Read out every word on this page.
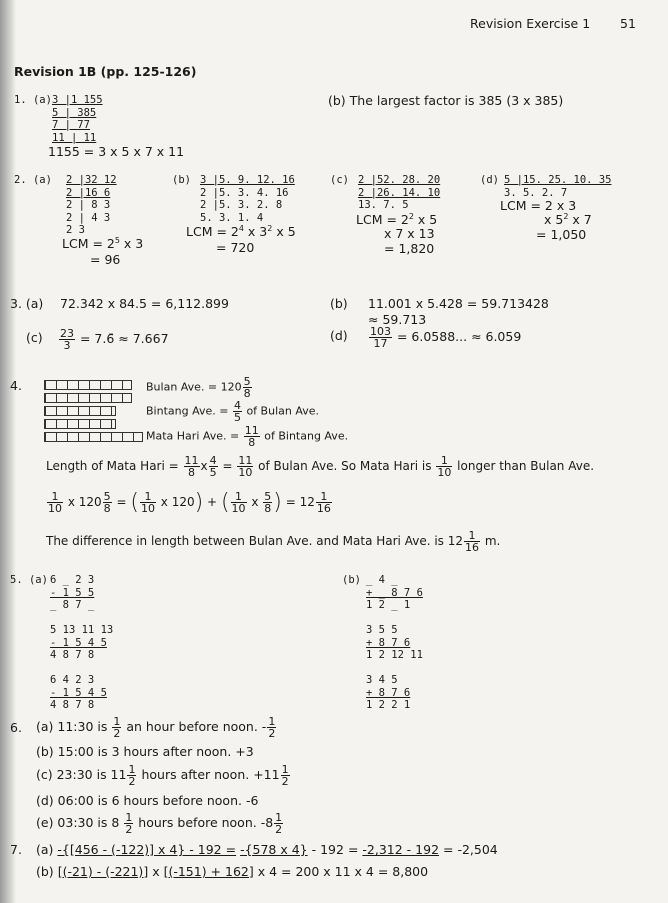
Revision Exercise 1 51
Revision 1B (pp. 125-126)
1. (a) 3 |1 155
5 | 385
7 | 77
11 | 11
1155 = 3 x 5 x 7 x 11
(b) The largest factor is 385 (3 x 385)
2. (a) 2 |32 12
2 |16 6
2 | 8 3
2 | 4 3
2 3
LCM = $2^5$ x 3
= 96
(b) 3 |5. 9. 12. 16
2 |5. 3. 4. 16
2 |5. 3. 2. 8
5. 3. 1. 4
LCM = $2^4$ x $3^2$ x 5
= 720
(c) 2 |52. 28. 20
2 |26. 14. 10
13. 7. 5
LCM = $2^2$ x 5
x 7 x 13
= 1,820
(d) 5 |15. 25. 10. 35
3. 5. 2. 7
LCM = 2 x 3
x $5^2$ x 7
= 1,050
3. (a) 72.342 x 84.5 = 6,112.899	(b) 11.001 x 5.428 = 59.713428
≈ 59.713
$(c) \frac{23}{3}$ = 7.6̄ ≈ 7.667	$(d) \frac{103}{17} = 6.0588$... ≈ 6.059
4.	Bulan Ave. = $120 \frac{5}{8}$
Bintang Ave. = $\frac{4}{5}$ of Bulan Ave.
Mata Hari Ave. = $\frac{11}{8}$ of Bintang Ave.
Length of Mata Hari = $\frac{11}{8}$ x $\frac{4}{5} = \frac{11}{10}$ of Bulan Ave. So Mata Hari is $\frac{1}{10}$ longer than Bulan Ave.
$\frac{1}{10}$ x $120 \frac{5}{8}$ = ( $\frac{1}{10}$ x 120) + ( $\frac{1}{10}$ x $\frac{5}{8}$ ) = $12 \frac{1}{16}$
The difference in length between Bulan Ave. and Mata Hari Ave. is $12 \frac{1}{16} m$.
5. (a) 6 _ 2 3
- 1 5 5
_ 8 7 _
5 13 11 13
- 1 5 4 5
4 8 7 8
6 4 2 3
- 1 5 4 5
4 8 7 8
(b) _ 4 _
+ _ 8 7 6
1 2 _ 1
3 5 5
+ 8 7 6
1 2 12 11
3 4 5
+ 8 7 6
1 2 2 1
6. (a) 11:30 is $\frac{1}{2}$ an hour before noon. - $\frac{1}{2}$
(b) 15:00 is 3 hours after noon. +3
(c) 23:30 is $11 \frac{1}{2}$ hours after noon. $+11 \frac{1}{2}$
(d) 06:00 is 6 hours before noon. -6
(e) 03:30 is $8 \frac{1}{2}$ hours before noon. $-8 \frac{1}{2}$
7. (a) -{[456 - (-122)] x 4} - 192 = -{578 x 4} - 192 = -2,312 - 192 = -2,504
(b) [(-21) - (-221)] x [(-151) + 162] x 4 = 200 x 11 x 4 = 8,800
